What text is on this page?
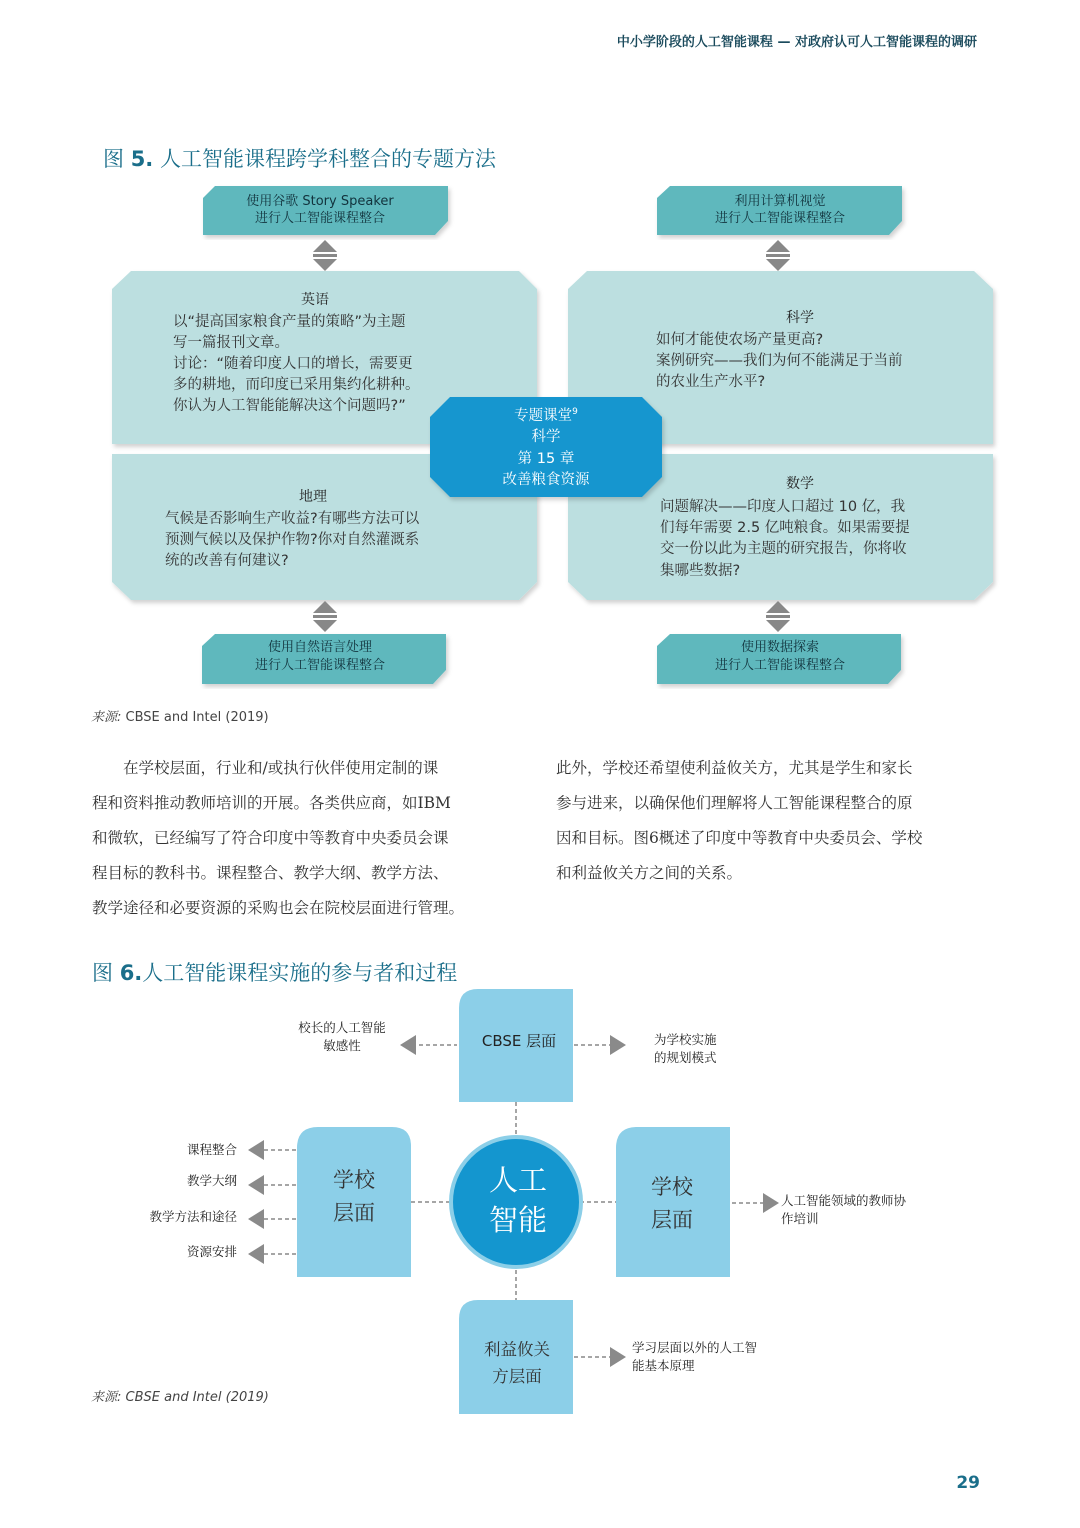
中小学阶段的人工智能课程 — 对政府认可人工智能课程的调研
图 5. 人工智能课程跨学科整合的专题方法
使用谷歌 Story Speaker
进行人工智能课程整合
利用计算机视觉
进行人工智能课程整合
英语
以“提高国家粮食产量的策略”为主题
写一篇报刊文章。
讨论：“随着印度人口的增长，需要更
多的耕地，而印度已采用集约化耕种。
你认为人工智能能解决这个问题吗?”
科学
如何才能使农场产量更高?
案例研究——我们为何不能满足于当前
的农业生产水平?
地理
气候是否影响生产收益?有哪些方法可以
预测气候以及保护作物?你对自然灌溉系
统的改善有何建议?
数学
问题解决——印度人口超过 10 亿，我
们每年需要 2.5 亿吨粮食。如果需要提
交一份以此为主题的研究报告，你将收
集哪些数据?
专题课堂$^9$
科学
第 15 章
改善粮食资源
使用自然语言处理
进行人工智能课程整合
使用数据探索
进行人工智能课程整合
来源: CBSE and Intel (2019)

在学校层面，行业和/或执行伙伴使用定制的课

程和资料推动教师培训的开展。各类供应商，如IBM

和微软，已经编写了符合印度中等教育中央委员会课

程目标的教科书。课程整合、教学大纲、教学方法、

教学途径和必要资源的采购也会在院校层面进行管理。

此外，学校还希望使利益攸关方，尤其是学生和家长

参与进来，以确保他们理解将人工智能课程整合的原

因和目标。图6概述了印度中等教育中央委员会、学校

和利益攸关方之间的关系。

图 6.人工智能课程实施的参与者和过程
CBSE 层面
学校
层面
学校
层面
利益攸关
方层面
人工
智能
校长的人工智能
敏感性	为学校实施
的规划模式
课程整合
教学大纲
教学方法和途径
资源安排
人工智能领域的教师协
作培训
学习层面以外的人工智
能基本原理
来源: CBSE and Intel (2019)
29
